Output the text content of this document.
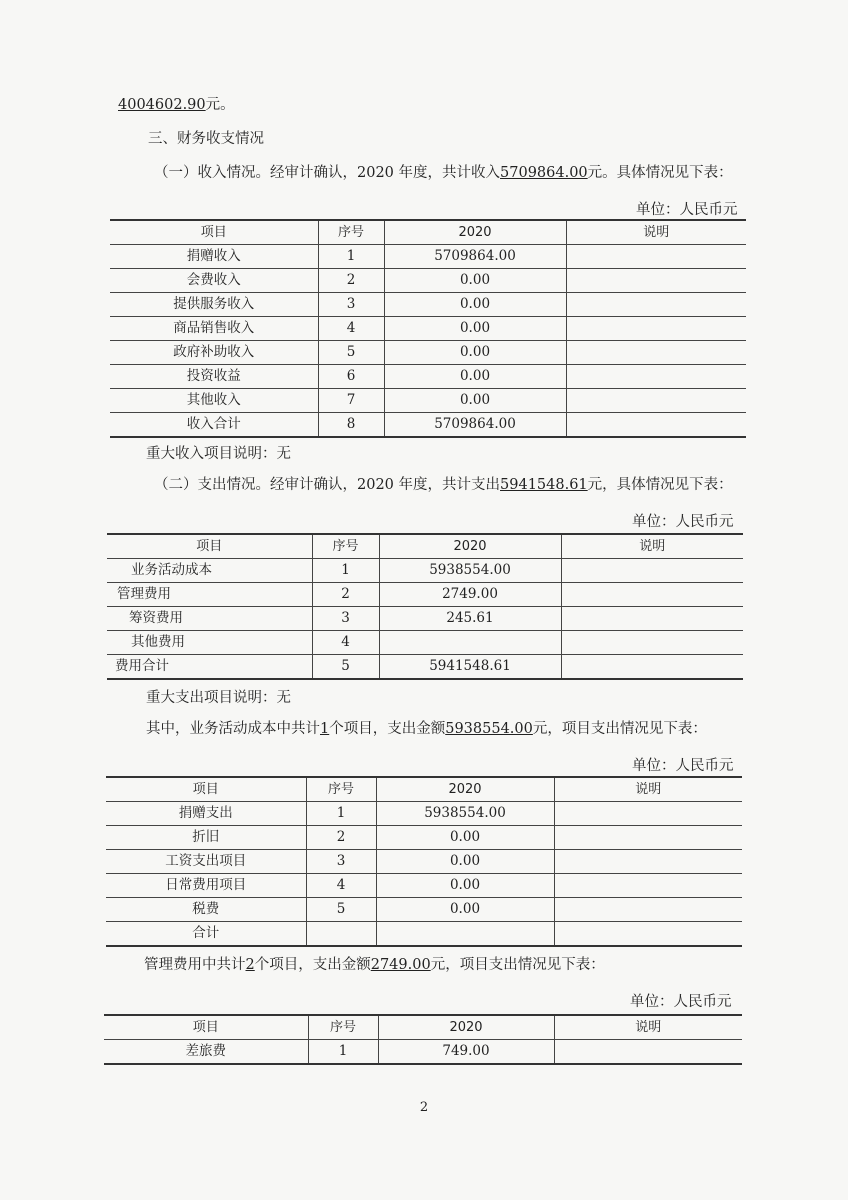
4004602.90元。
三、财务收支情况
（一）收入情况。经审计确认，2020 年度，共计收入5709864.00元。具体情况见下表：
单位：人民币元
项目	序号	2020	说明
捐赠收入	1	5709864.00	
会费收入	2	0.00	
提供服务收入	3	0.00	
商品销售收入	4	0.00	
政府补助收入	5	0.00	
投资收益	6	0.00	
其他收入	7	0.00	
收入合计	8	5709864.00	
重大收入项目说明：无
（二）支出情况。经审计确认，2020 年度，共计支出5941548.61元，具体情况见下表：
单位：人民币元
项目	序号	2020	说明
业务活动成本	1	5938554.00	
管理费用	2	2749.00	
筹资费用	3	245.61	
其他费用	4		
费用合计	5	5941548.61	
重大支出项目说明：无
其中，业务活动成本中共计1个项目，支出金额5938554.00元，项目支出情况见下表：
单位：人民币元
项目	序号	2020	说明
捐赠支出	1	5938554.00	
折旧	2	0.00	
工资支出项目	3	0.00	
日常费用项目	4	0.00	
税费	5	0.00	
合计			
管理费用中共计2个项目，支出金额2749.00元，项目支出情况见下表：
单位：人民币元
项目	序号	2020	说明
差旅费	1	749.00	
2
